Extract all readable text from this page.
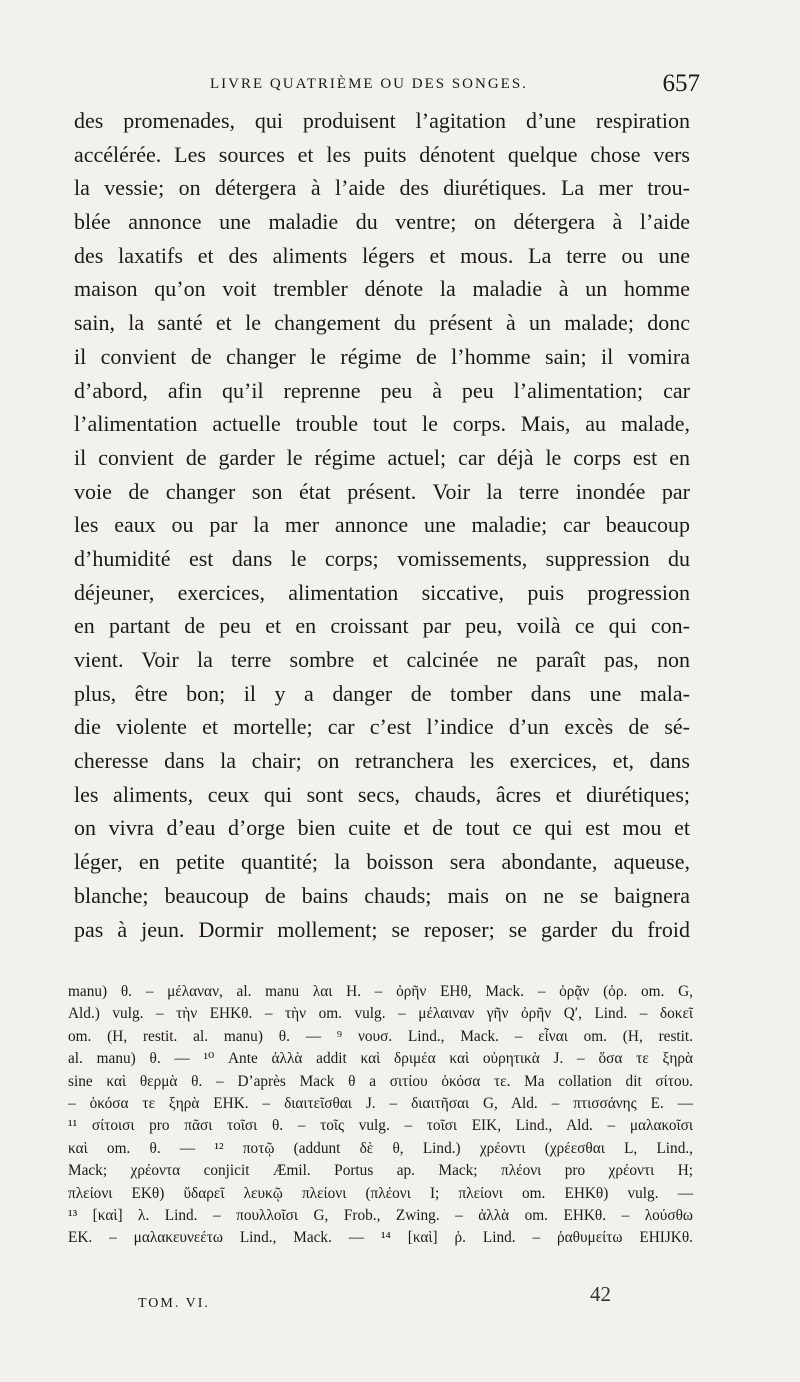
LIVRE QUATRIÈME OU DES SONGES.	657
des promenades, qui produisent l’agitation d’une respiration
accélérée. Les sources et les puits dénotent quelque chose vers
la vessie; on détergera à l’aide des diurétiques. La mer trou-
blée annonce une maladie du ventre; on détergera à l’aide
des laxatifs et des aliments légers et mous. La terre ou une
maison qu’on voit trembler dénote la maladie à un homme
sain, la santé et le changement du présent à un malade; donc
il convient de changer le régime de l’homme sain; il vomira
d’abord, afin qu’il reprenne peu à peu l’alimentation; car
l’alimentation actuelle trouble tout le corps. Mais, au malade,
il convient de garder le régime actuel; car déjà le corps est en
voie de changer son état présent. Voir la terre inondée par
les eaux ou par la mer annonce une maladie; car beaucoup
d’humidité est dans le corps; vomissements, suppression du
déjeuner, exercices, alimentation siccative, puis progression
en partant de peu et en croissant par peu, voilà ce qui con-
vient. Voir la terre sombre et calcinée ne paraît pas, non
plus, être bon; il y a danger de tomber dans une mala-
die violente et mortelle; car c’est l’indice d’un excès de sé-
cheresse dans la chair; on retranchera les exercices, et, dans
les aliments, ceux qui sont secs, chauds, âcres et diurétiques;
on vivra d’eau d’orge bien cuite et de tout ce qui est mou et
léger, en petite quantité; la boisson sera abondante, aqueuse,
blanche; beaucoup de bains chauds; mais on ne se baignera
pas à jeun. Dormir mollement; se reposer; se garder du froid
manu) θ. – μέλαναν, al. manu λαι H. – ὀρῆν EHθ, Mack. – ὁρᾷν (ὀρ. om. G,
Ald.) vulg. – τὴν EHKθ. – τὴν om. vulg. – μέλαιναν γῆν ὀρῆν Q′, Lind. – δοκεῖ
om. (H, restit. al. manu) θ. — ⁹ νουσ. Lind., Mack. – εἶναι om. (H, restit.
al. manu) θ. — ¹⁰ Ante ἀλλὰ addit καὶ δριμέα καὶ οὐρητικὰ J. – ὅσα τε ξηρὰ
sine καὶ θερμὰ θ. – D’après Mack θ a σιτίου ὁκόσα τε. Ma collation dit σίτου.
– ὁκόσα τε ξηρὰ EHK. – διαιτεῖσθαι J. – διαιτῆσαι G, Ald. – πτισσάνης E. —
¹¹ σίτοισι pro πᾶσι τοῖσι θ. – τοῖς vulg. – τοῖσι EIK, Lind., Ald. – μαλακοῖσι
καὶ om. θ. — ¹² ποτῷ (addunt δὲ θ, Lind.) χρέοντι (χρέεσθαι L, Lind.,
Mack; χρέοντα conjicit Æmil. Portus ap. Mack; πλέονι pro χρέοντι H;
πλείονι EKθ) ὕδαρεῖ λευκῷ πλείονι (πλέονι I; πλείονι om. EHKθ) vulg. —
¹³ [καὶ] λ. Lind. – πουλλοῖσι G, Frob., Zwing. – ἀλλὰ om. EHKθ. – λούσθω
EK. – μαλακευνεέτω Lind., Mack. — ¹⁴ [καὶ] ῥ. Lind. – ῥαθυμείτω EHIJKθ.
TOM. VI.	42
